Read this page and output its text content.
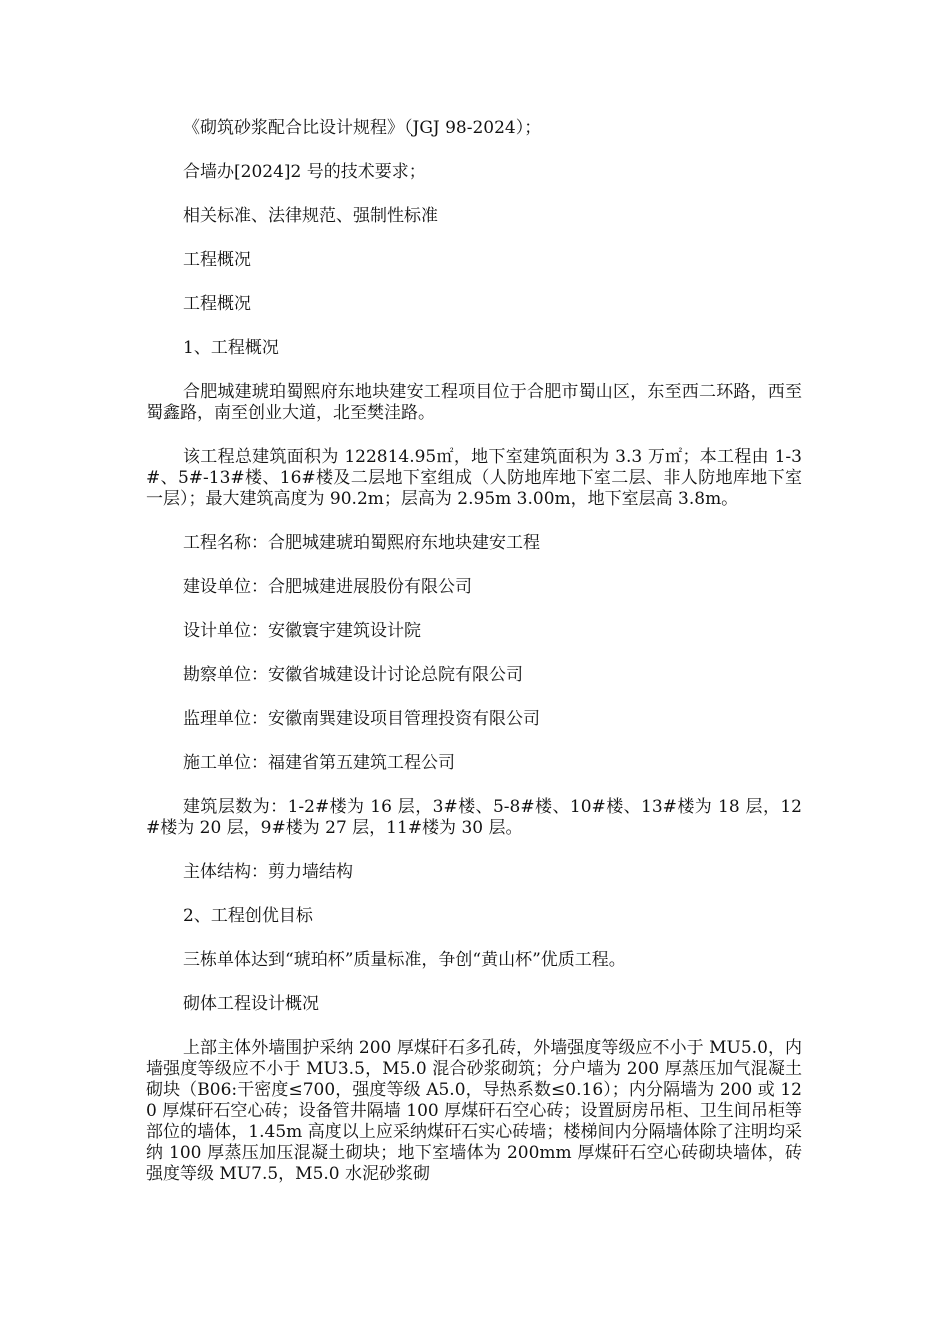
《砌筑砂浆配合比设计规程》（JGJ 98-2024）；

合墙办[2024]2 号的技术要求；

相关标准、法律规范、强制性标准

工程概况

工程概况

1、工程概况

合肥城建琥珀蜀熙府东地块建安工程项目位于合肥市蜀山区，东至西二环路，西至蜀鑫路，南至创业大道，北至樊洼路。

该工程总建筑面积为 122814.95㎡，地下室建筑面积为 3.3 万㎡；本工程由 1-3#、5#-13#楼、16#楼及二层地下室组成（人防地库地下室二层、非人防地库地下室一层）；最大建筑高度为 90.2m；层高为 2.95m 3.00m，地下室层高 3.8m。

工程名称：合肥城建琥珀蜀熙府东地块建安工程

建设单位：合肥城建进展股份有限公司

设计单位：安徽寰宇建筑设计院

勘察单位：安徽省城建设计讨论总院有限公司

监理单位：安徽南巽建设项目管理投资有限公司

施工单位：福建省第五建筑工程公司

建筑层数为：1-2#楼为 16 层，3#楼、5-8#楼、10#楼、13#楼为 18 层，12#楼为 20 层，9#楼为 27 层，11#楼为 30 层。

主体结构：剪力墙结构

2、工程创优目标

三栋单体达到“琥珀杯”质量标准，争创“黄山杯”优质工程。

砌体工程设计概况

上部主体外墙围护采纳 200 厚煤矸石多孔砖，外墙强度等级应不小于 MU5.0，内墙强度等级应不小于 MU3.5，M5.0 混合砂浆砌筑；分户墙为 200 厚蒸压加气混凝土砌块（B06:干密度≤700，强度等级 A5.0，导热系数≤0.16）；内分隔墙为 200 或 120 厚煤矸石空心砖；设备管井隔墙 100 厚煤矸石空心砖；设置厨房吊柜、卫生间吊柜等部位的墙体，1.45m 高度以上应采纳煤矸石实心砖墙；楼梯间内分隔墙体除了注明均采纳 100 厚蒸压加压混凝土砌块；地下室墙体为 200mm 厚煤矸石空心砖砌块墙体，砖强度等级 MU7.5，M5.0 水泥砂浆砌
